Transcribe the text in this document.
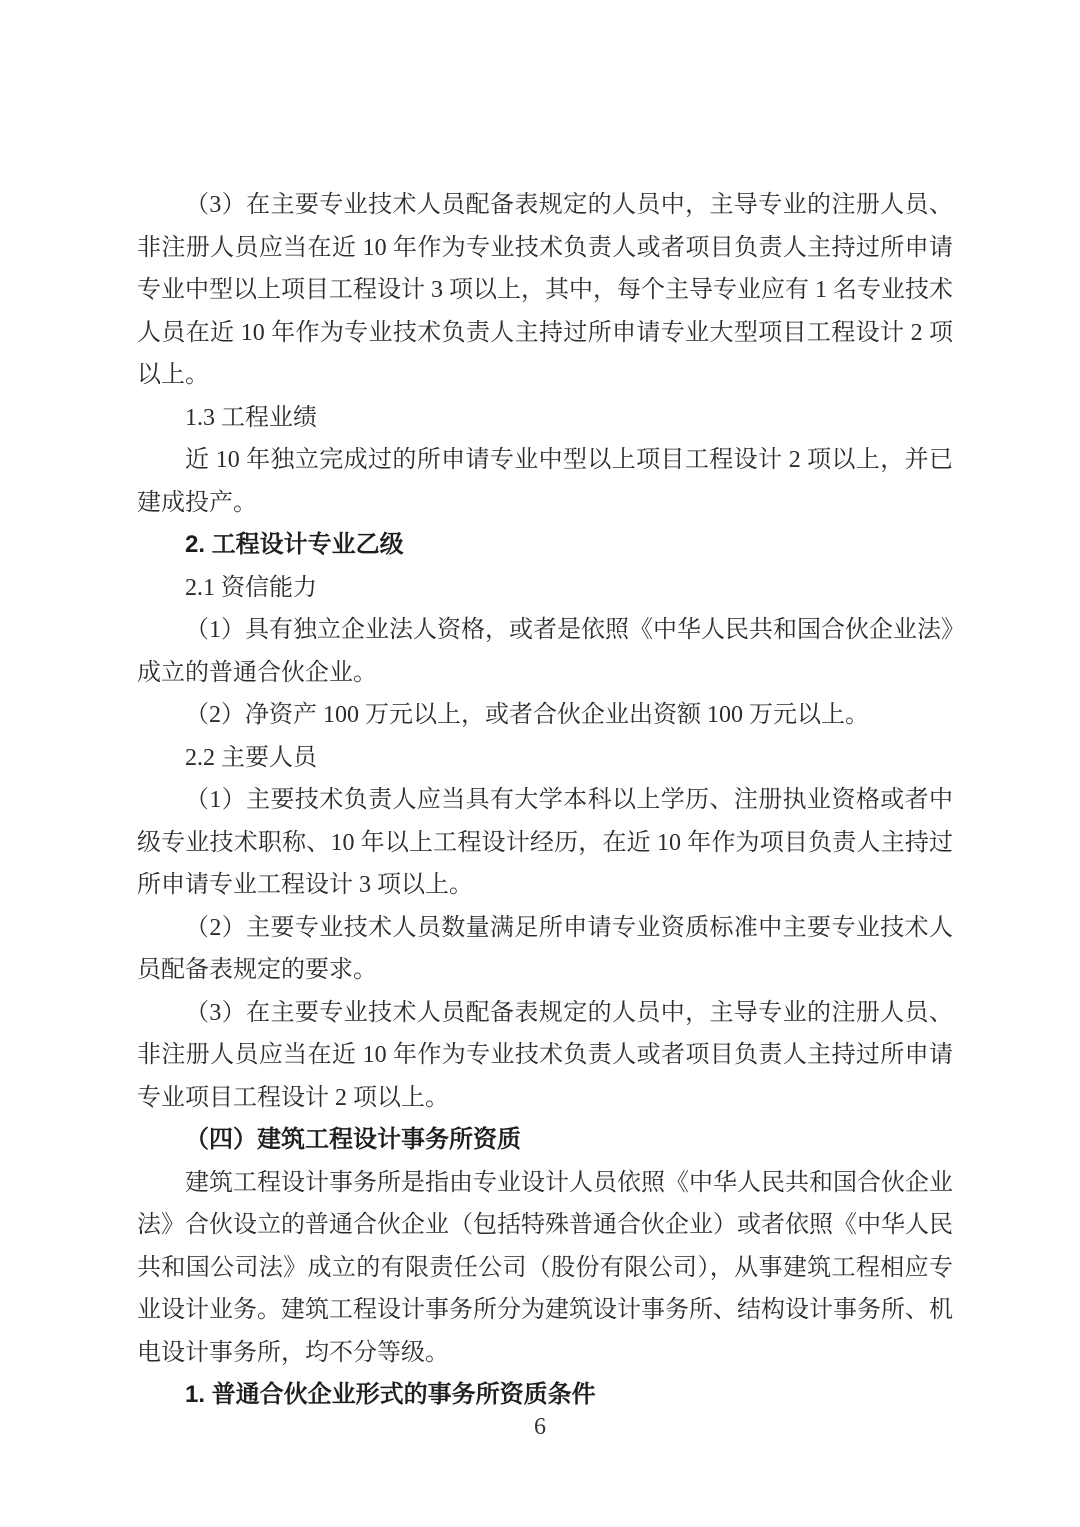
（3）在主要专业技术人员配备表规定的人员中，主导专业的注册人员、非注册人员应当在近 10 年作为专业技术负责人或者项目负责人主持过所申请专业中型以上项目工程设计 3 项以上，其中，每个主导专业应有 1 名专业技术人员在近 10 年作为专业技术负责人主持过所申请专业大型项目工程设计 2 项以上。

1.3 工程业绩

近 10 年独立完成过的所申请专业中型以上项目工程设计 2 项以上，并已建成投产。

2. 工程设计专业乙级

2.1 资信能力

（1）具有独立企业法人资格，或者是依照《中华人民共和国合伙企业法》成立的普通合伙企业。

（2）净资产 100 万元以上，或者合伙企业出资额 100 万元以上。

2.2 主要人员

（1）主要技术负责人应当具有大学本科以上学历、注册执业资格或者中级专业技术职称、10 年以上工程设计经历，在近 10 年作为项目负责人主持过所申请专业工程设计 3 项以上。

（2）主要专业技术人员数量满足所申请专业资质标准中主要专业技术人员配备表规定的要求。

（3）在主要专业技术人员配备表规定的人员中，主导专业的注册人员、非注册人员应当在近 10 年作为专业技术负责人或者项目负责人主持过所申请专业项目工程设计 2 项以上。

（四）建筑工程设计事务所资质

建筑工程设计事务所是指由专业设计人员依照《中华人民共和国合伙企业法》合伙设立的普通合伙企业（包括特殊普通合伙企业）或者依照《中华人民共和国公司法》成立的有限责任公司（股份有限公司），从事建筑工程相应专业设计业务。建筑工程设计事务所分为建筑设计事务所、结构设计事务所、机电设计事务所，均不分等级。

1. 普通合伙企业形式的事务所资质条件

6
